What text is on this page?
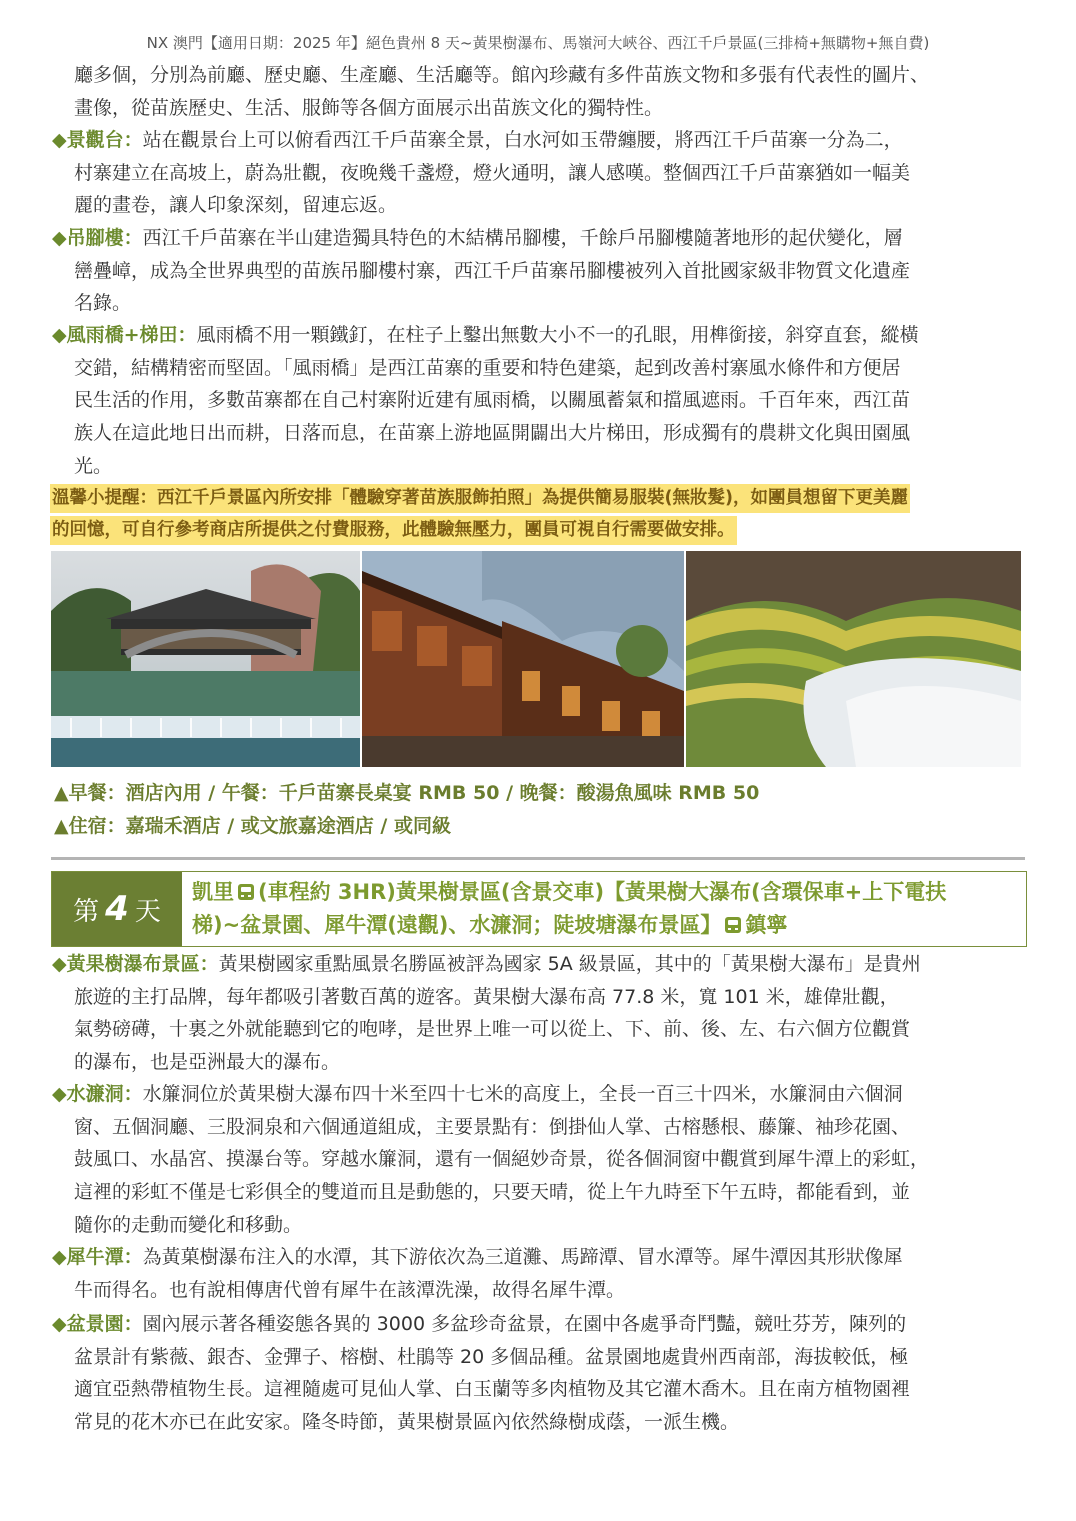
NX 澳門【適用日期：2025 年】絕色貴州 8 天~黃果樹瀑布、馬嶺河大峽谷、西江千戶景區(三排椅+無購物+無自費)
廳多個，分別為前廳、歷史廳、生產廳、生活廳等。館內珍藏有多件苗族文物和多張有代表性的圖片、
畫像，從苗族歷史、生活、服飾等各個方面展示出苗族文化的獨特性。
◆景觀台：站在觀景台上可以俯看西江千戶苗寨全景，白水河如玉帶纏腰，將西江千戶苗寨一分為二，
村寨建立在高坡上，蔚為壯觀，夜晚幾千盞燈，燈火通明，讓人感嘆。整個西江千戶苗寨猶如一幅美
麗的畫卷，讓人印象深刻，留連忘返。
◆吊腳樓：西江千戶苗寨在半山建造獨具特色的木結構吊腳樓，千餘戶吊腳樓隨著地形的起伏變化，層
巒疊嶂，成為全世界典型的苗族吊腳樓村寨，西江千戶苗寨吊腳樓被列入首批國家級非物質文化遺產
名錄。
◆風雨橋+梯田：風雨橋不用一顆鐵釘，在柱子上鑿出無數大小不一的孔眼，用榫銜接，斜穿直套，縱橫
交錯，結構精密而堅固。「風雨橋」是西江苗寨的重要和特色建築，起到改善村寨風水條件和方便居
民生活的作用，多數苗寨都在自己村寨附近建有風雨橋，以關風蓄氣和擋風遮雨。千百年來，西江苗
族人在這此地日出而耕，日落而息，在苗寨上游地區開闢出大片梯田，形成獨有的農耕文化與田園風
光。
溫馨小提醒：西江千戶景區內所安排「體驗穿著苗族服飾拍照」為提供簡易服裝(無妝髮)，如團員想留下更美麗
的回憶，可自行參考商店所提供之付費服務，此體驗無壓力，團員可視自行需要做安排。
▲早餐：酒店內用 / 午餐：千戶苗寨長桌宴 RMB 50 / 晚餐：酸湯魚風味 RMB 50
▲住宿：嘉瑞禾酒店 / 或文旅嘉途酒店 / 或同級
第 4 天
凱里 (車程約 3HR)黃果樹景區(含景交車)【黃果樹大瀑布(含環保車+上下電扶
梯)~盆景園、犀牛潭(遠觀)、水濂洞；陡坡塘瀑布景區】 鎮寧
◆黃果樹瀑布景區：黃果樹國家重點風景名勝區被評為國家 5A 級景區，其中的「黃果樹大瀑布」是貴州
旅遊的主打品牌，每年都吸引著數百萬的遊客。黃果樹大瀑布高 77.8 米，寬 101 米，雄偉壯觀，
氣勢磅礡，十裏之外就能聽到它的咆哮，是世界上唯一可以從上、下、前、後、左、右六個方位觀賞
的瀑布，也是亞洲最大的瀑布。
◆水濂洞：水簾洞位於黃果樹大瀑布四十米至四十七米的高度上，全長一百三十四米，水簾洞由六個洞
窗、五個洞廳、三股洞泉和六個通道組成，主要景點有：倒掛仙人掌、古榕懸根、藤簾、袖珍花園、
鼓風口、水晶宮、摸瀑台等。穿越水簾洞，還有一個絕妙奇景，從各個洞窗中觀賞到犀牛潭上的彩虹，
這裡的彩虹不僅是七彩俱全的雙道而且是動態的，只要天晴，從上午九時至下午五時，都能看到，並
隨你的走動而變化和移動。
◆犀牛潭：為黃菓樹瀑布注入的水潭，其下游依次為三道灘、馬蹄潭、冒水潭等。犀牛潭因其形狀像犀
牛而得名。也有說相傳唐代曾有犀牛在該潭洗澡，故得名犀牛潭。
◆盆景園：園內展示著各種姿態各異的 3000 多盆珍奇盆景，在園中各處爭奇鬥豔，競吐芬芳，陳列的
盆景計有紫薇、銀杏、金彈子、榕樹、杜鵑等 20 多個品種。盆景園地處貴州西南部，海拔較低，極
適宜亞熱帶植物生長。這裡隨處可見仙人掌、白玉蘭等多肉植物及其它灌木喬木。且在南方植物園裡
常見的花木亦已在此安家。隆冬時節，黃果樹景區內依然綠樹成蔭，一派生機。
